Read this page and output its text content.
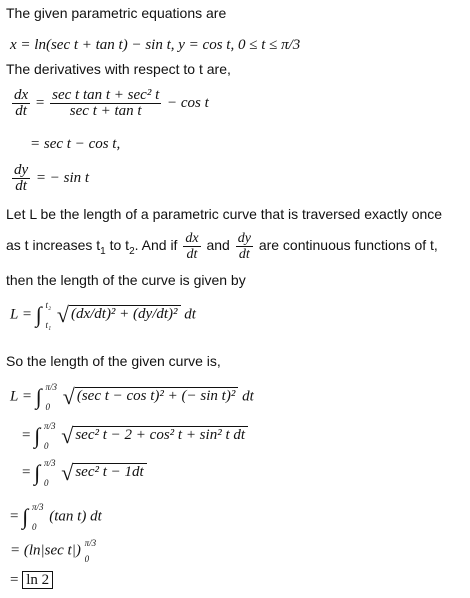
The given parametric equations are
x = ln(sec t + tan t) − sin t, y = cos t, 0 ≤ t ≤ π/3
The derivatives with respect to t are,
$\frac{dx}{dt} = \frac{\text{sec t tan t + sec² t}}{\text{sec t + tan t}} - \cos t$
= sec t − cos t,
$\frac{dy}{dt}$ = − sin t
Let L be the length of a parametric curve that is traversed exactly once
as t increases $t_1$ to $t_2$. And if $\frac{dx}{dt}$ and $\frac{dy}{dt}$ are continuous functions of t,
then the length of the curve is given by
L = ∫ t₂
t₁ √ (dx/dt)² + (dy/dt)² dt
So the length of the given curve is,
L = ∫ π/3
0 √ (sec t − cos t)² + (− sin t)² dt
= ∫ π/3
0 √ sec² t − 2 + cos² t + sin² t dt
= ∫ π/3
0 √ sec² t − 1dt
= ∫ π/3
0
(tan t) dt
= (ln|sec t|) π/3
0
= ln 2
